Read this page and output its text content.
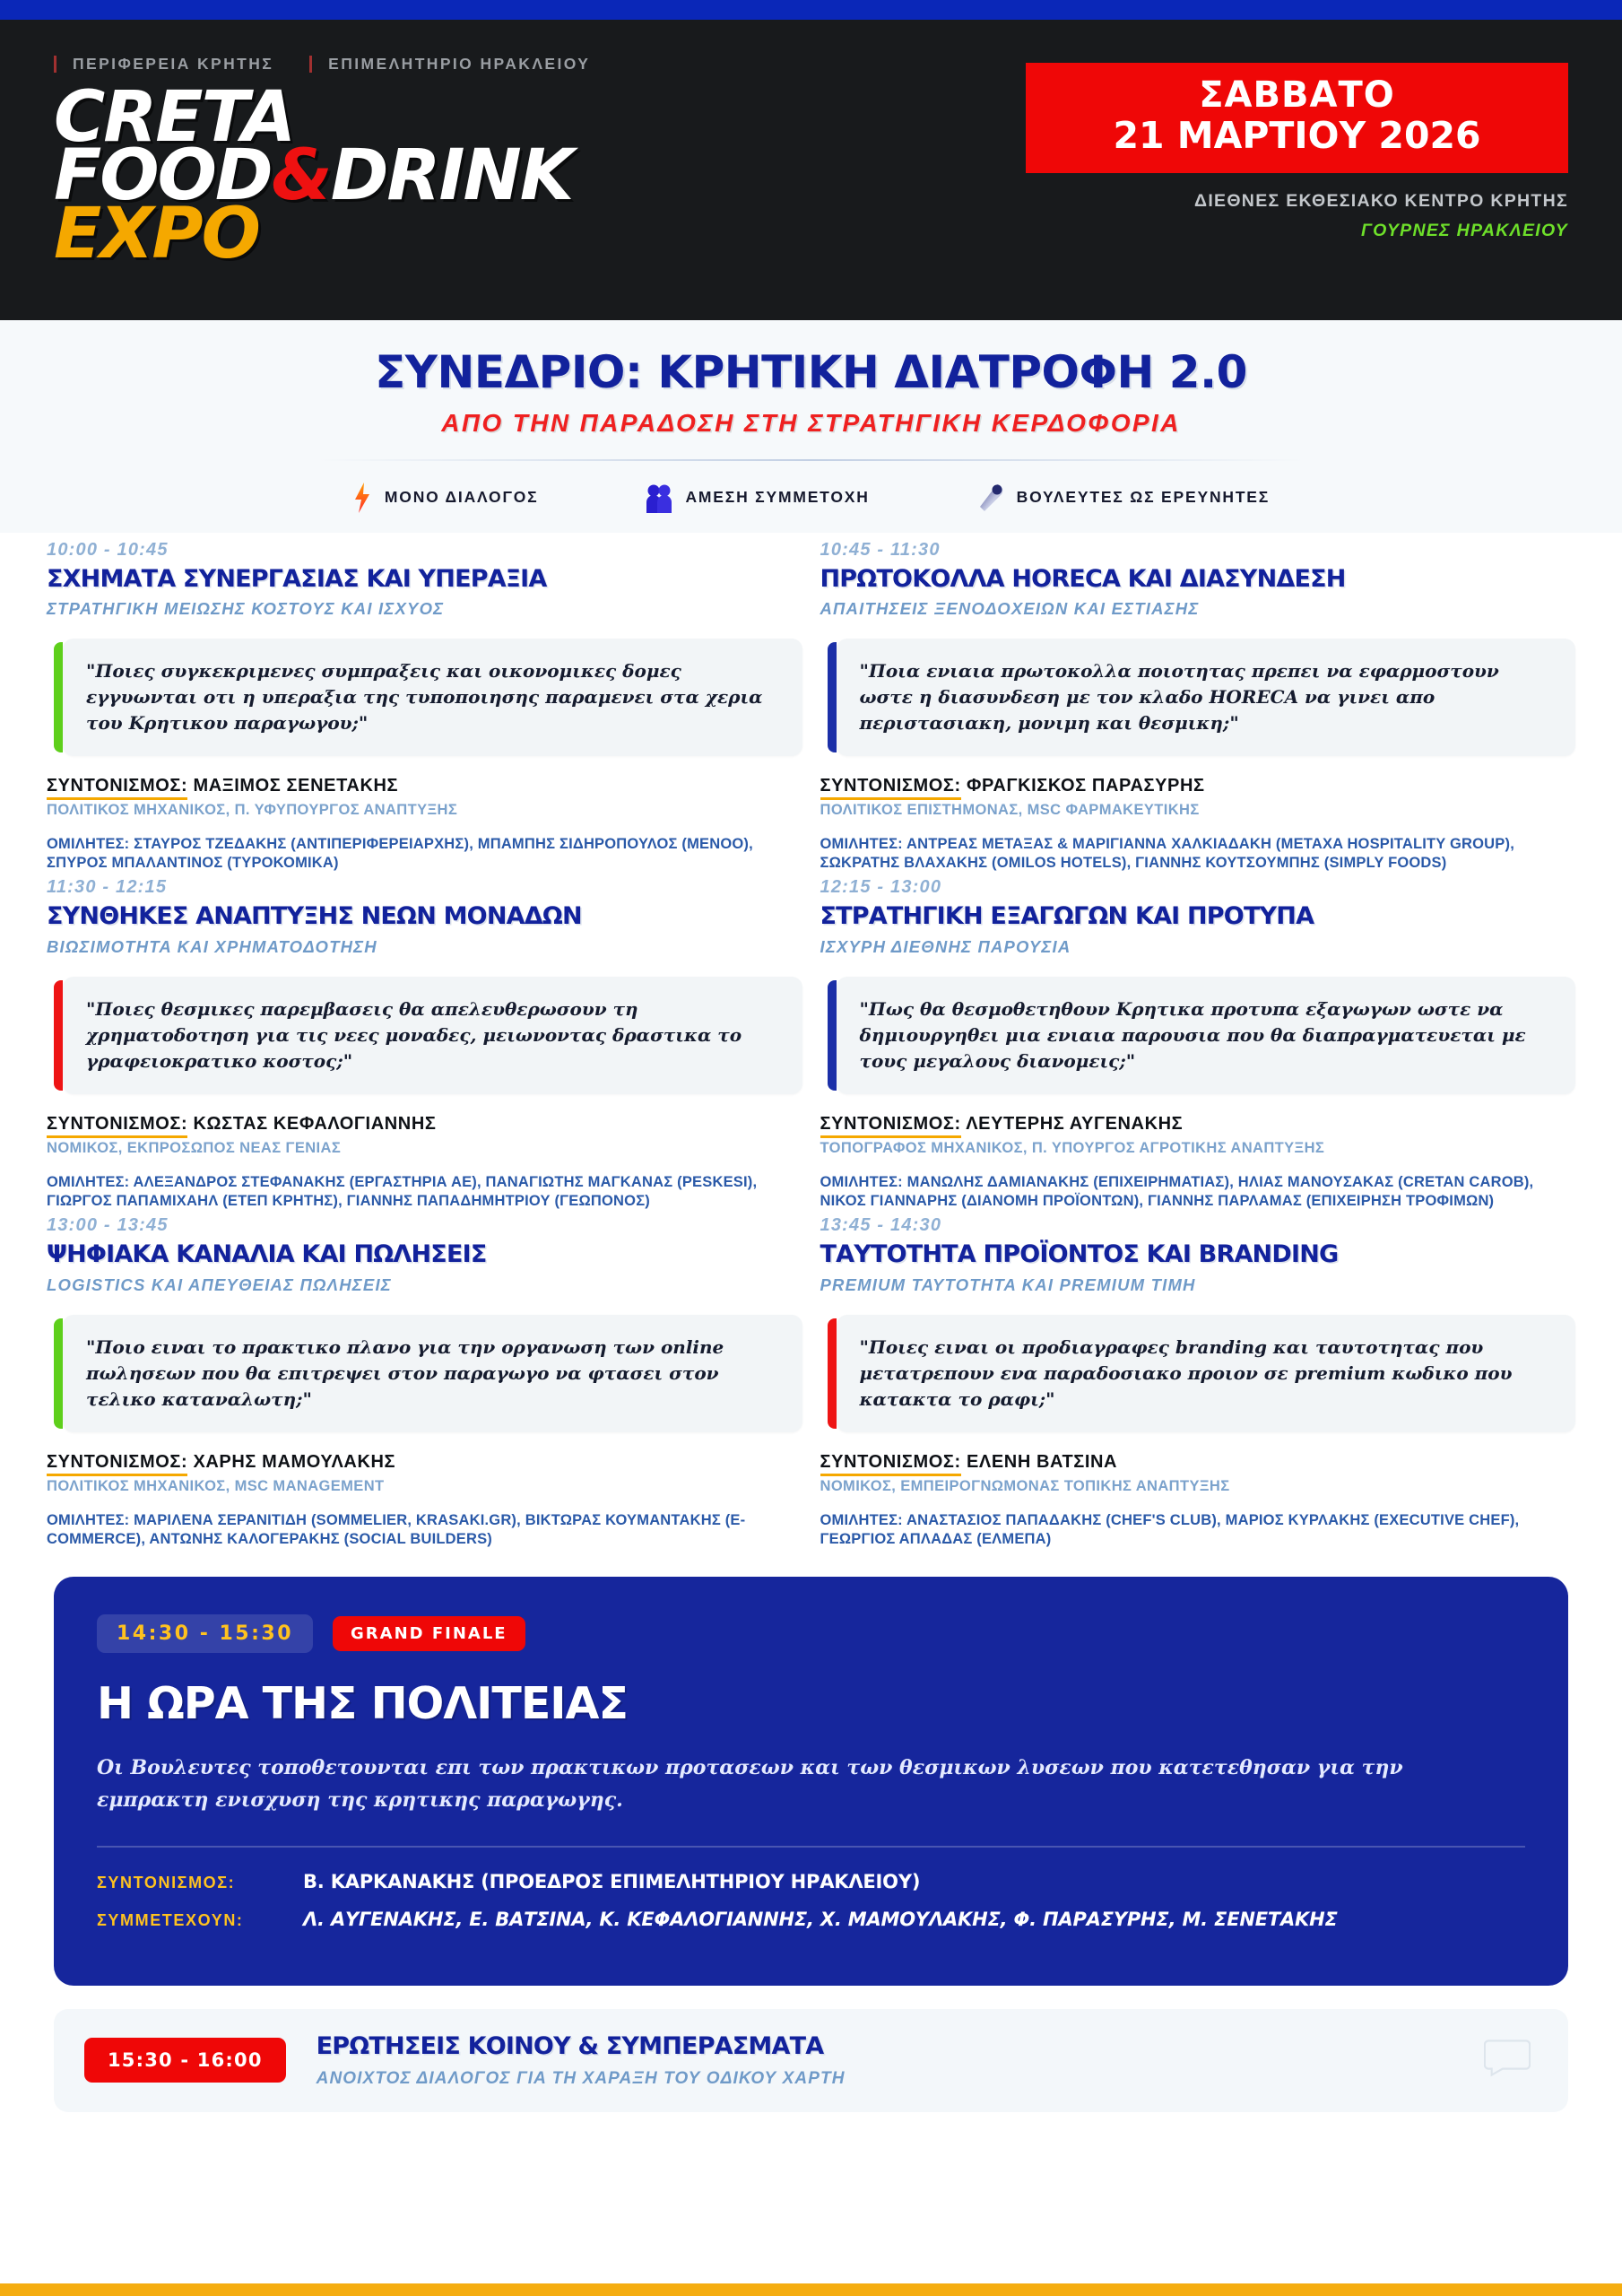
ΠΕΡΙΦΕΡΕΙΑ ΚΡΗΤΗΣ	ΕΠΙΜΕΛΗΤΗΡΙΟ ΗΡΑΚΛΕΙΟΥ
CRETA
FOOD&DRINK
EXPO
ΣΑΒΒΑΤΟ
21 ΜΑΡΤΙΟΥ 2026
ΔΙΕΘΝΕΣ ΕΚΘΕΣΙΑΚΟ ΚΕΝΤΡΟ ΚΡΗΤΗΣ
ΓΟΥΡΝΕΣ ΗΡΑΚΛΕΙΟΥ
ΣΥΝΕΔΡΙΟ: ΚΡΗΤΙΚΗ ΔΙΑΤΡΟΦΗ 2.0
ΑΠΟ ΤΗΝ ΠΑΡΑΔΟΣΗ ΣΤΗ ΣΤΡΑΤΗΓΙΚΗ ΚΕΡΔΟΦΟΡΙΑ
ΜΟΝΟ ΔΙΑΛΟΓΟΣ	ΑΜΕΣΗ ΣΥΜΜΕΤΟΧΗ	ΒΟΥΛΕΥΤΕΣ ΩΣ ΕΡΕΥΝΗΤΕΣ
10:00 - 10:45
ΣΧΗΜΑΤΑ ΣΥΝΕΡΓΑΣΙΑΣ ΚΑΙ ΥΠΕΡΑΞΙΑ
ΣΤΡΑΤΗΓΙΚΗ ΜΕΙΩΣΗΣ ΚΟΣΤΟΥΣ ΚΑΙ ΙΣΧΥΟΣ
"Ποιες συγκεκριμενες συμπραξεις και οικονομικες δομες εγγυωνται οτι η υπεραξια της τυποποιησης παραμενει στα χερια του Κρητικου παραγωγου;"
ΣΥΝΤΟΝΙΣΜΟΣ: ΜΑΞΙΜΟΣ ΣΕΝΕΤΑΚΗΣ
ΠΟΛΙΤΙΚΟΣ ΜΗΧΑΝΙΚΟΣ, Π. ΥΦΥΠΟΥΡΓΟΣ ΑΝΑΠΤΥΞΗΣ
ΟΜΙΛΗΤΕΣ: ΣΤΑΥΡΟΣ ΤΖΕΔΑΚΗΣ (ΑΝΤΙΠΕΡΙΦΕΡΕΙΑΡΧΗΣ), ΜΠΑΜΠΗΣ ΣΙΔΗΡΟΠΟΥΛΟΣ (ΜΕΝΟΟ), ΣΠΥΡΟΣ ΜΠΑΛΑΝΤΙΝΟΣ (ΤΥΡΟΚΟΜΙΚΑ)
10:45 - 11:30
ΠΡΩΤΟΚΟΛΛΑ HORECA ΚΑΙ ΔΙΑΣΥΝΔΕΣΗ
ΑΠΑΙΤΗΣΕΙΣ ΞΕΝΟΔΟΧΕΙΩΝ ΚΑΙ ΕΣΤΙΑΣΗΣ
"Ποια ενιαια πρωτοκολλα ποιοτητας πρεπει να εφαρμοστουν ωστε η διασυνδεση με τον κλαδο HORECA να γινει απο περιστασιακη, μονιμη και θεσμικη;"
ΣΥΝΤΟΝΙΣΜΟΣ: ΦΡΑΓΚΙΣΚΟΣ ΠΑΡΑΣΥΡΗΣ
ΠΟΛΙΤΙΚΟΣ ΕΠΙΣΤΗΜΟΝΑΣ, MSC ΦΑΡΜΑΚΕΥΤΙΚΗΣ
ΟΜΙΛΗΤΕΣ: ΑΝΤΡΕΑΣ ΜΕΤΑΞΑΣ & ΜΑΡΙΓΙΑΝΝΑ ΧΑΛΚΙΑΔΑΚΗ (METAXA HOSPITALITY GROUP), ΣΩΚΡΑΤΗΣ ΒΛΑΧΑΚΗΣ (OMILOS HOTELS), ΓΙΑΝΝΗΣ ΚΟΥΤΣΟΥΜΠΗΣ (SIMPLY FOODS)
11:30 - 12:15
ΣΥΝΘΗΚΕΣ ΑΝΑΠΤΥΞΗΣ ΝΕΩΝ ΜΟΝΑΔΩΝ
ΒΙΩΣΙΜΟΤΗΤΑ ΚΑΙ ΧΡΗΜΑΤΟΔΟΤΗΣΗ
"Ποιες θεσμικες παρεμβασεις θα απελευθερωσουν τη χρηματοδοτηση για τις νεες μοναδες, μειωνοντας δραστικα το γραφειοκρατικο κοστος;"
ΣΥΝΤΟΝΙΣΜΟΣ: ΚΩΣΤΑΣ ΚΕΦΑΛΟΓΙΑΝΝΗΣ
ΝΟΜΙΚΟΣ, ΕΚΠΡΟΣΩΠΟΣ ΝΕΑΣ ΓΕΝΙΑΣ
ΟΜΙΛΗΤΕΣ: ΑΛΕΞΑΝΔΡΟΣ ΣΤΕΦΑΝΑΚΗΣ (ΕΡΓΑΣΤΗΡΙΑ ΑΕ), ΠΑΝΑΓΙΩΤΗΣ ΜΑΓΚΑΝΑΣ (PESKESI), ΓΙΩΡΓΟΣ ΠΑΠΑΜΙΧΑΗΛ (ΕΤΕΠ ΚΡΗΤΗΣ), ΓΙΑΝΝΗΣ ΠΑΠΑΔΗΜΗΤΡΙΟΥ (ΓΕΩΠΟΝΟΣ)
12:15 - 13:00
ΣΤΡΑΤΗΓΙΚΗ ΕΞΑΓΩΓΩΝ ΚΑΙ ΠΡΟΤΥΠΑ
ΙΣΧΥΡΗ ΔΙΕΘΝΗΣ ΠΑΡΟΥΣΙΑ
"Πως θα θεσμοθετηθουν Κρητικα προτυπα εξαγωγων ωστε να δημιουργηθει μια ενιαια παρουσια που θα διαπραγματευεται με τους μεγαλους διανομεις;"
ΣΥΝΤΟΝΙΣΜΟΣ: ΛΕΥΤΕΡΗΣ ΑΥΓΕΝΑΚΗΣ
ΤΟΠΟΓΡΑΦΟΣ ΜΗΧΑΝΙΚΟΣ, Π. ΥΠΟΥΡΓΟΣ ΑΓΡΟΤΙΚΗΣ ΑΝΑΠΤΥΞΗΣ
ΟΜΙΛΗΤΕΣ: ΜΑΝΩΛΗΣ ΔΑΜΙΑΝΑΚΗΣ (ΕΠΙΧΕΙΡΗΜΑΤΙΑΣ), ΗΛΙΑΣ ΜΑΝΟΥΣΑΚΑΣ (CRETAN CAROB), ΝΙΚΟΣ ΓΙΑΝΝΑΡΗΣ (ΔΙΑΝΟΜΗ ΠΡΟΪΟΝΤΩΝ), ΓΙΑΝΝΗΣ ΠΑΡΛΑΜΑΣ (ΕΠΙΧΕΙΡΗΣΗ ΤΡΟΦΙΜΩΝ)
13:00 - 13:45
ΨΗΦΙΑΚΑ ΚΑΝΑΛΙΑ ΚΑΙ ΠΩΛΗΣΕΙΣ
LOGISTICS ΚΑΙ ΑΠΕΥΘΕΙΑΣ ΠΩΛΗΣΕΙΣ
"Ποιο ειναι το πρακτικο πλανο για την οργανωση των online πωλησεων που θα επιτρεψει στον παραγωγο να φτασει στον τελικο καταναλωτη;"
ΣΥΝΤΟΝΙΣΜΟΣ: ΧΑΡΗΣ ΜΑΜΟΥΛΑΚΗΣ
ΠΟΛΙΤΙΚΟΣ ΜΗΧΑΝΙΚΟΣ, MSC MANAGEMENT
ΟΜΙΛΗΤΕΣ: ΜΑΡΙΛΕΝΑ ΣΕΡΑΝΙΤΙΔΗ (SOMMELIER, KRASAKI.GR), ΒΙΚΤΩΡΑΣ ΚΟΥΜΑΝΤΑΚΗΣ (E-COMMERCE), ΑΝΤΩΝΗΣ ΚΑΛΟΓΕΡΑΚΗΣ (SOCIAL BUILDERS)
13:45 - 14:30
ΤΑΥΤΟΤΗΤΑ ΠΡΟΪΟΝΤΟΣ ΚΑΙ BRANDING
PREMIUM ΤΑΥΤΟΤΗΤΑ ΚΑΙ PREMIUM ΤΙΜΗ
"Ποιες ειναι οι προδιαγραφες branding και ταυτοτητας που μετατρεπουν ενα παραδοσιακο προιον σε premium κωδικο που κατακτα το ραφι;"
ΣΥΝΤΟΝΙΣΜΟΣ: ΕΛΕΝΗ ΒΑΤΣΙΝΑ
ΝΟΜΙΚΟΣ, ΕΜΠΕΙΡΟΓΝΩΜΟΝΑΣ ΤΟΠΙΚΗΣ ΑΝΑΠΤΥΞΗΣ
ΟΜΙΛΗΤΕΣ: ΑΝΑΣΤΑΣΙΟΣ ΠΑΠΑΔΑΚΗΣ (CHEF'S CLUB), ΜΑΡΙΟΣ ΚΥΡΛΑΚΗΣ (EXECUTIVE CHEF), ΓΕΩΡΓΙΟΣ ΑΠΛΑΔΑΣ (ΕΛΜΕΠΑ)
14:30 - 15:30	GRAND FINALE
Η ΩΡΑ ΤΗΣ ΠΟΛΙΤΕΙΑΣ
Οι Βουλευτες τοποθετουνται επι των πρακτικων προτασεων και των θεσμικων λυσεων που κατετεθησαν για την εμπρακτη ενισχυση της κρητικης παραγωγης.
ΣΥΝΤΟΝΙΣΜΟΣ:	Β. ΚΑΡΚΑΝΑΚΗΣ (ΠΡΟΕΔΡΟΣ ΕΠΙΜΕΛΗΤΗΡΙΟΥ ΗΡΑΚΛΕΙΟΥ)
ΣΥΜΜΕΤΕΧΟΥΝ:	Λ. ΑΥΓΕΝΑΚΗΣ, Ε. ΒΑΤΣΙΝΑ, Κ. ΚΕΦΑΛΟΓΙΑΝΝΗΣ, Χ. ΜΑΜΟΥΛΑΚΗΣ, Φ. ΠΑΡΑΣΥΡΗΣ, Μ. ΣΕΝΕΤΑΚΗΣ
15:30 - 16:00
ΕΡΩΤΗΣΕΙΣ ΚΟΙΝΟΥ & ΣΥΜΠΕΡΑΣΜΑΤΑ
ΑΝΟΙΧΤΟΣ ΔΙΑΛΟΓΟΣ ΓΙΑ ΤΗ ΧΑΡΑΞΗ ΤΟΥ ΟΔΙΚΟΥ ΧΑΡΤΗ
